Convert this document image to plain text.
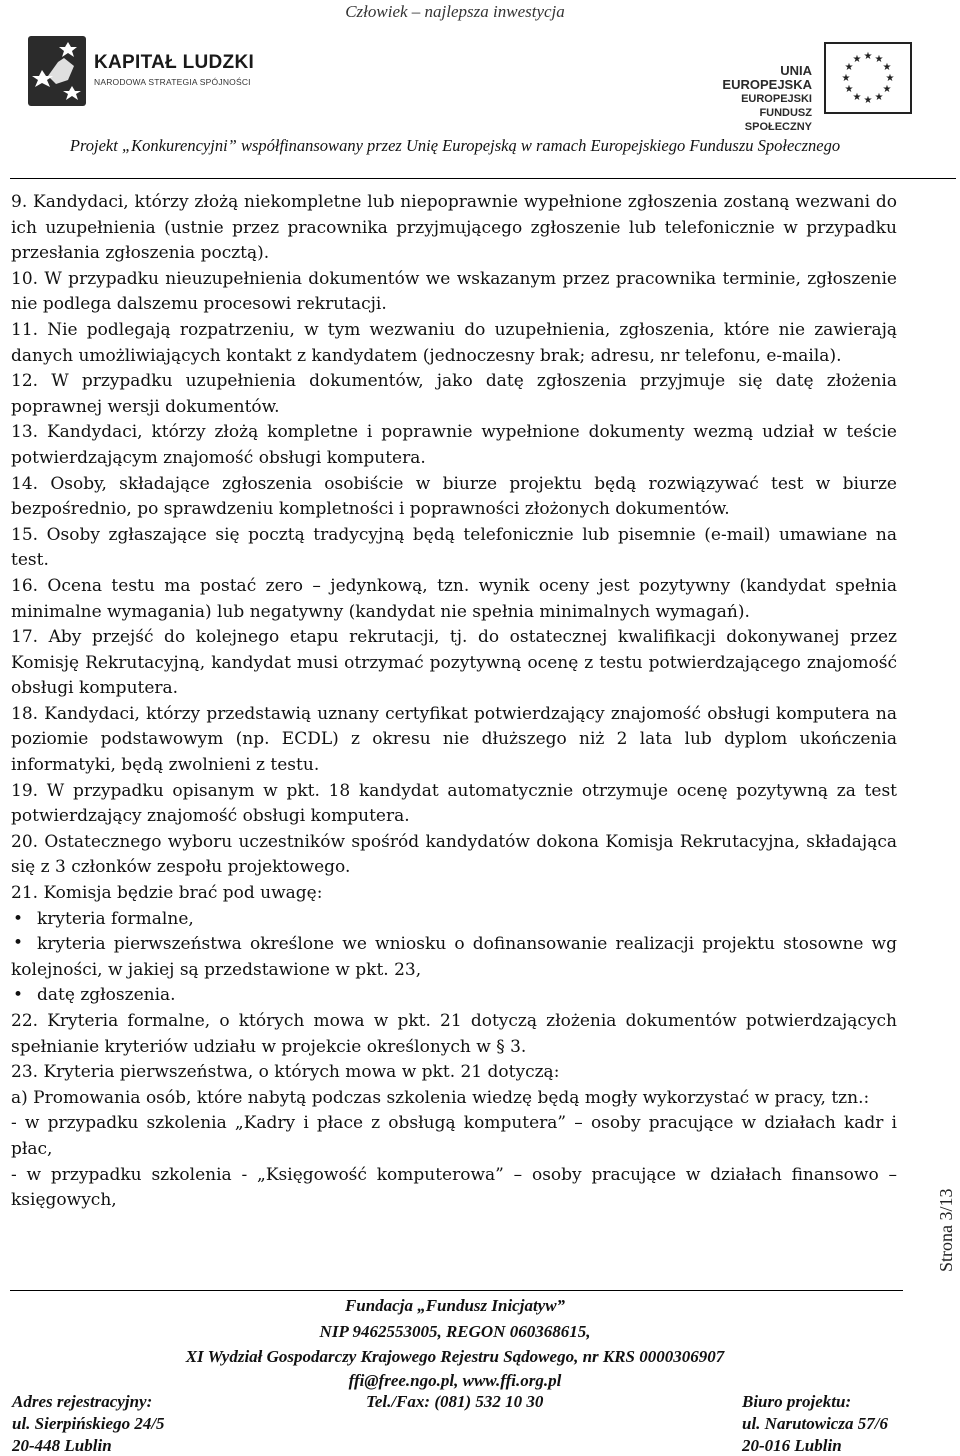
Człowiek – najlepsza inwestycja
KAPITAŁ LUDZKI
NARODOWA STRATEGIA SPÓJNOŚCI
UNIA EUROPEJSKA
EUROPEJSKI
FUNDUSZ SPOŁECZNY
★ ★
★
★
★
★
★
★
★
★
★
★
Projekt „Konkurencyjni” współfinansowany przez Unię Europejską w ramach Europejskiego Funduszu Społecznego

9. Kandydaci, którzy złożą niekompletne lub niepoprawnie wypełnione zgłoszenia zostaną wezwani do ich uzupełnienia (ustnie przez pracownika przyjmującego zgłoszenie lub telefonicznie w przypadku przesłania zgłoszenia pocztą).

10. W przypadku nieuzupełnienia dokumentów we wskazanym przez pracownika terminie, zgłoszenie nie podlega dalszemu procesowi rekrutacji.

11. Nie podlegają rozpatrzeniu, w tym wezwaniu do uzupełnienia, zgłoszenia, które nie zawierają danych umożliwiających kontakt z kandydatem (jednoczesny brak; adresu, nr telefonu, e-maila).

12. W przypadku uzupełnienia dokumentów, jako datę zgłoszenia przyjmuje się datę złożenia poprawnej wersji dokumentów.

13. Kandydaci, którzy złożą kompletne i poprawnie wypełnione dokumenty wezmą udział w teście potwierdzającym znajomość obsługi komputera.

14. Osoby, składające zgłoszenia osobiście w biurze projektu będą rozwiązywać test w biurze bezpośrednio, po sprawdzeniu kompletności i poprawności złożonych dokumentów.

15. Osoby zgłaszające się pocztą tradycyjną będą telefonicznie lub pisemnie (e-mail) umawiane na test.

16. Ocena testu ma postać zero – jedynkową, tzn. wynik oceny jest pozytywny (kandydat spełnia minimalne wymagania) lub negatywny (kandydat nie spełnia minimalnych wymagań).

17. Aby przejść do kolejnego etapu rekrutacji, tj. do ostatecznej kwalifikacji dokonywanej przez Komisję Rekrutacyjną, kandydat musi otrzymać pozytywną ocenę z testu potwierdzającego znajomość obsługi komputera.

18. Kandydaci, którzy przedstawią uznany certyfikat potwierdzający znajomość obsługi komputera na poziomie podstawowym (np. ECDL) z okresu nie dłuższego niż 2 lata lub dyplom ukończenia informatyki, będą zwolnieni z testu.

19. W przypadku opisanym w pkt. 18 kandydat automatycznie otrzymuje ocenę pozytywną za test potwierdzający znajomość obsługi komputera.

20. Ostatecznego wyboru uczestników spośród kandydatów dokona Komisja Rekrutacyjna, składająca się z 3 członków zespołu projektowego.

21. Komisja będzie brać pod uwagę:

• kryteria formalne,
• kryteria pierwszeństwa określone we wniosku o dofinansowanie realizacji projektu stosowne wg kolejności, w jakiej są przedstawione w pkt. 23,
• datę zgłoszenia.

22. Kryteria formalne, o których mowa w pkt. 21 dotyczą złożenia dokumentów potwierdzających spełnianie kryteriów udziału w projekcie określonych w § 3.

23. Kryteria pierwszeństwa, o których mowa w pkt. 21 dotyczą:

a) Promowania osób, które nabytą podczas szkolenia wiedzę będą mogły wykorzystać w pracy, tzn.:

- w przypadku szkolenia „Kadry i płace z obsługą komputera” – osoby pracujące w działach kadr i płac,

- w przypadku szkolenia - „Księgowość komputerowa” – osoby pracujące w działach finansowo – księgowych,	Strona 3/13
Fundacja „Fundusz Inicjatyw”
NIP 9462553005, REGON 060368615,
XI Wydział Gospodarczy Krajowego Rejestru Sądowego, nr KRS 0000306907
ffi@free.ngo.pl, www.ffi.org.pl
Adres rejestracyjny:
ul. Sierpińskiego 24/5
20-448 Lublin
Tel./Fax: (081) 532 10 30	Biuro projektu:
ul. Narutowicza 57/6
20-016 Lublin
